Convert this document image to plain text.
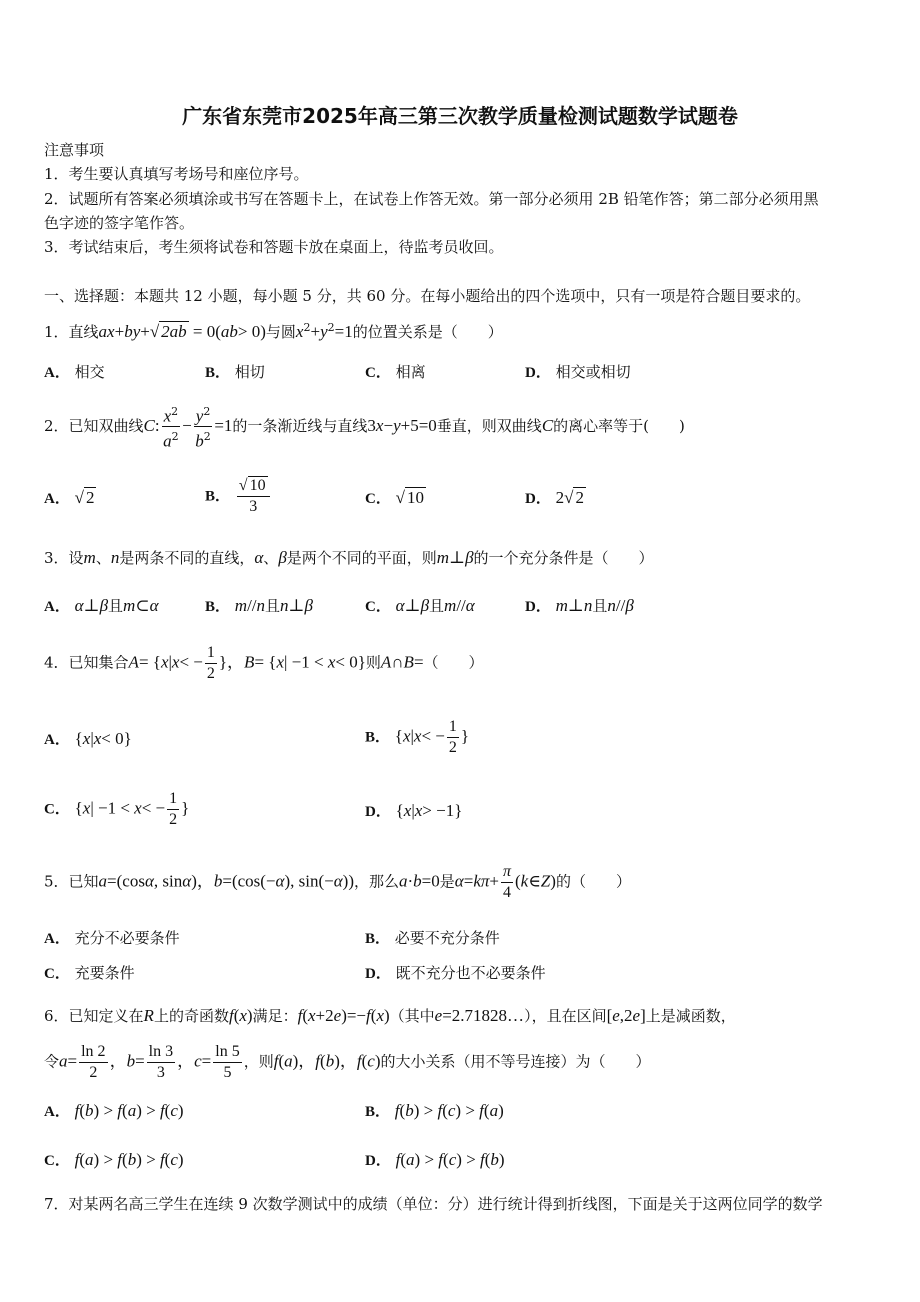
广东省东莞市2025年高三第三次教学质量检测试题数学试题卷
注意事项
1．考生要认真填写考场号和座位序号。
2．试题所有答案必须填涂或书写在答题卡上，在试卷上作答无效。第一部分必须用 2B 铅笔作答；第二部分必须用黑
色字迹的签字笔作答。
3．考试结束后，考生须将试卷和答题卡放在桌面上，待监考员收回。
一、选择题：本题共 12 小题，每小题 5 分，共 60 分。在每小题给出的四个选项中，只有一项是符合题目要求的。
1．直线ax+by+√ 2ab = 0(ab> 0)与圆$x^2+y^2=1$的位置关系是（　　）
A． 相交	B． 相切	C． 相离	D． 相交或相切
2．已知双曲线C: $\frac{x^2}{a^2} - \frac{y^2}{b^2} =1$的一条渐近线与直线3x−y+5=0垂直，则双曲线C的离心率等于(　　)
A． √ 2	B． $\frac{√ 10}{3}$	C． √ 10	D． 2√ 2
3．设m、n是两条不同的直线，α、β是两个不同的平面，则m⊥β的一个充分条件是（　　）
A． α⊥β且m⊂α	B． m//n且n⊥β	C． α⊥β且m//α	D． m⊥n且n//β
4．已知集合$A= \{x|x< - \frac{1}{2}$ }，B= {x| −1 < x< 0}则A∩B=（　　）
A． {x|x< 0}	B． {$x|x< - \frac{1}{2}$ }
C． {$x| -1 < x< - \frac{1}{2}$ }	D． {x|x> −1}
5．已知a=(cosα, sinα)，b=(cos(−α), sin(−α))，那么a·b=0是$\alpha=k\pi+ \frac{\pi}{4}$ (k∈Z)的（　　）
A． 充分不必要条件	B． 必要不充分条件
C． 充要条件	D． 既不充分也不必要条件
6．已知定义在R上的奇函数f(x)满足：f(x+2e)=−f(x)（其中e=2.71828…），且在区间[e,2e]上是减函数，
令$a= \frac{\ln 2}{2}$ ，$b= \frac{\ln 3}{3}$ ，$c= \frac{\ln 5}{5}$ ，则f(a)，f(b)，f(c)的大小关系（用不等号连接）为（　　）
A． f(b) > f(a) > f(c)	B． f(b) > f(c) > f(a)
C． f(a) > f(b) > f(c)	D． f(a) > f(c) > f(b)
7．对某两名高三学生在连续 9 次数学测试中的成绩（单位：分）进行统计得到折线图，下面是关于这两位同学的数学
